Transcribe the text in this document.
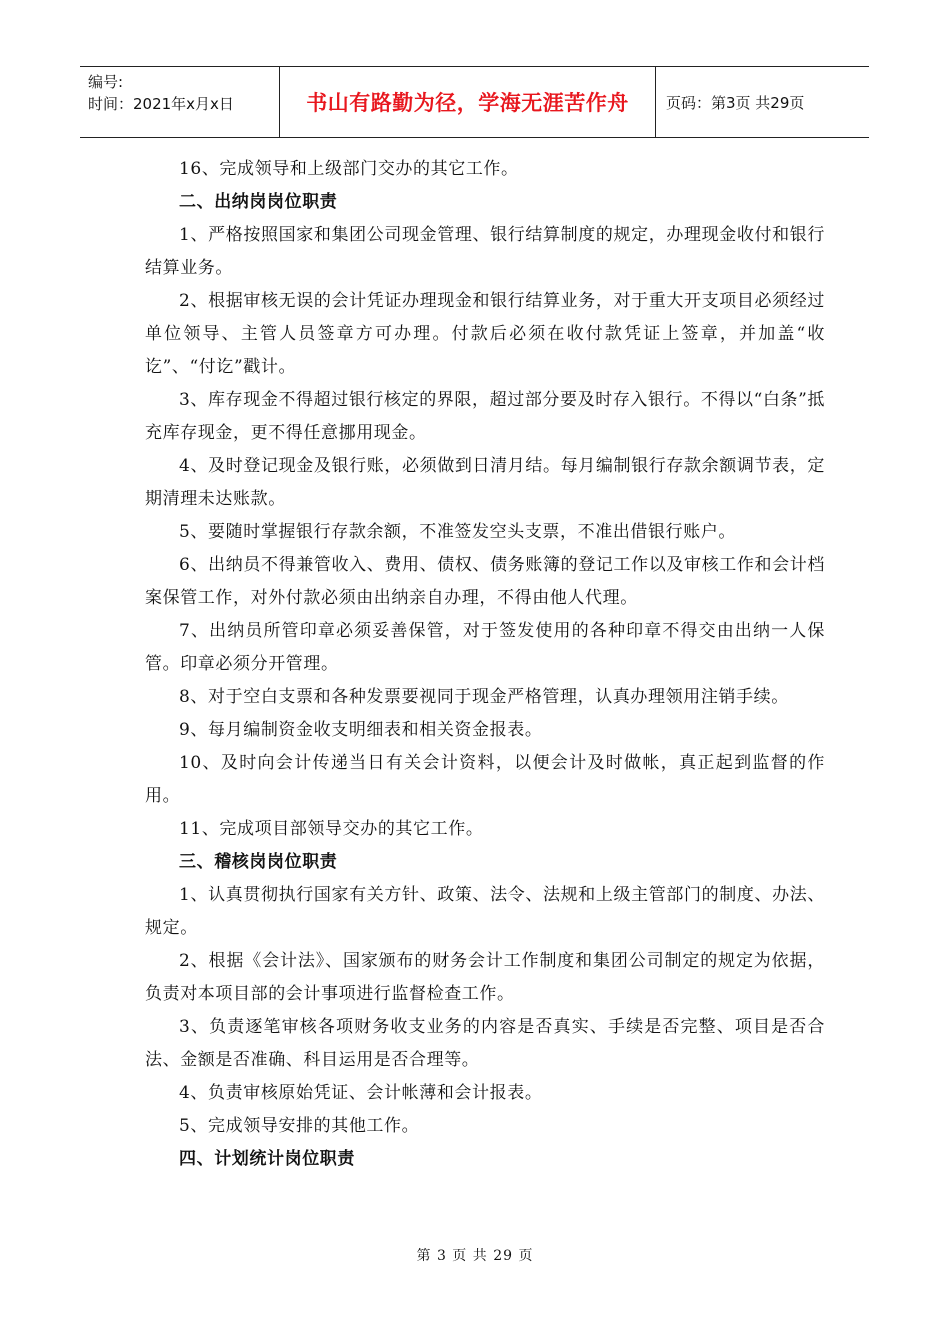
编号:
时间：2021年x月x日	书山有路勤为径，学海无涯苦作舟	页码：第3页 共29页

16、完成领导和上级部门交办的其它工作。

二、出纳岗岗位职责

1、严格按照国家和集团公司现金管理、银行结算制度的规定，办理现金收付和银行结算业务。

2、根据审核无误的会计凭证办理现金和银行结算业务，对于重大开支项目必须经过单位领导、主管人员签章方可办理。付款后必须在收付款凭证上签章，并加盖“收讫”、“付讫”戳计。

3、库存现金不得超过银行核定的界限，超过部分要及时存入银行。不得以“白条”抵充库存现金，更不得任意挪用现金。

4、及时登记现金及银行账，必须做到日清月结。每月编制银行存款余额调节表，定期清理未达账款。

5、要随时掌握银行存款余额，不准签发空头支票，不准出借银行账户。

6、出纳员不得兼管收入、费用、债权、债务账簿的登记工作以及审核工作和会计档案保管工作，对外付款必须由出纳亲自办理，不得由他人代理。

7、出纳员所管印章必须妥善保管，对于签发使用的各种印章不得交由出纳一人保管。印章必须分开管理。

8、对于空白支票和各种发票要视同于现金严格管理，认真办理领用注销手续。

9、每月编制资金收支明细表和相关资金报表。

10、及时向会计传递当日有关会计资料，以便会计及时做帐，真正起到监督的作用。

11、完成项目部领导交办的其它工作。

三、稽核岗岗位职责

1、认真贯彻执行国家有关方针、政策、法令、法规和上级主管部门的制度、办法、规定。

2、根据《会计法》、国家颁布的财务会计工作制度和集团公司制定的规定为依据，负责对本项目部的会计事项进行监督检查工作。

3、负责逐笔审核各项财务收支业务的内容是否真实、手续是否完整、项目是否合法、金额是否准确、科目运用是否合理等。

4、负责审核原始凭证、会计帐薄和会计报表。

5、完成领导安排的其他工作。

四、计划统计岗位职责

第 3 页 共 29 页
